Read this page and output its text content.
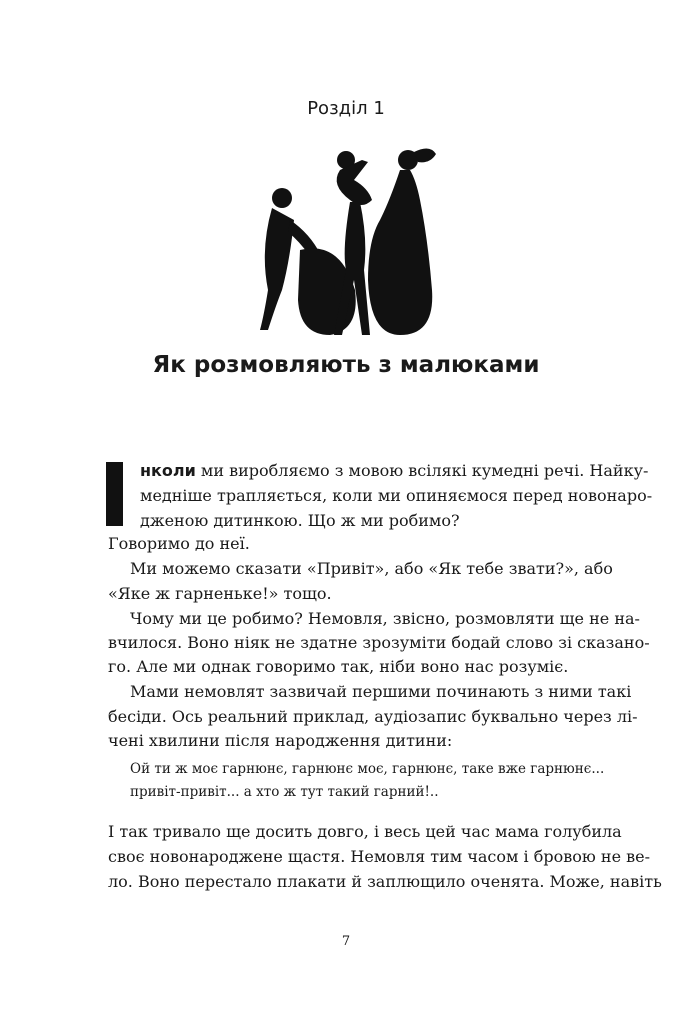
Розділ 1
Як розмовляють з малюками
нколи ми виробляємо з мовою всілякі кумедні речі. Найку-
медніше трапляється, коли ми опиняємося перед новонаро-
дженою дитинкою. Що ж ми робимо?
Говоримо до неї.
Ми можемо сказати «Привіт», або «Як тебе звати?», або
«Яке ж гарненьке!» тощо.
Чому ми це робимо? Немовля, звісно, розмовляти ще не на-
вчилося. Воно ніяк не здатне зрозуміти бодай слово зі сказано-
го. Але ми однак говоримо так, ніби воно нас розуміє.
Мами немовлят зазвичай першими починають з ними такі
бесіди. Ось реальний приклад, аудіозапис буквально через лі-
чені хвилини після народження дитини:
Ой ти ж моє гарнюнє, гарнюнє моє, гарнюнє, таке вже гарнюнє...
привіт-привіт... а хто ж тут такий гарний!..
І так тривало ще досить довго, і весь цей час мама голубила
своє новонароджене щастя. Немовля тим часом і бровою не ве-
ло. Воно перестало плакати й заплющило оченята. Може, навіть
7
